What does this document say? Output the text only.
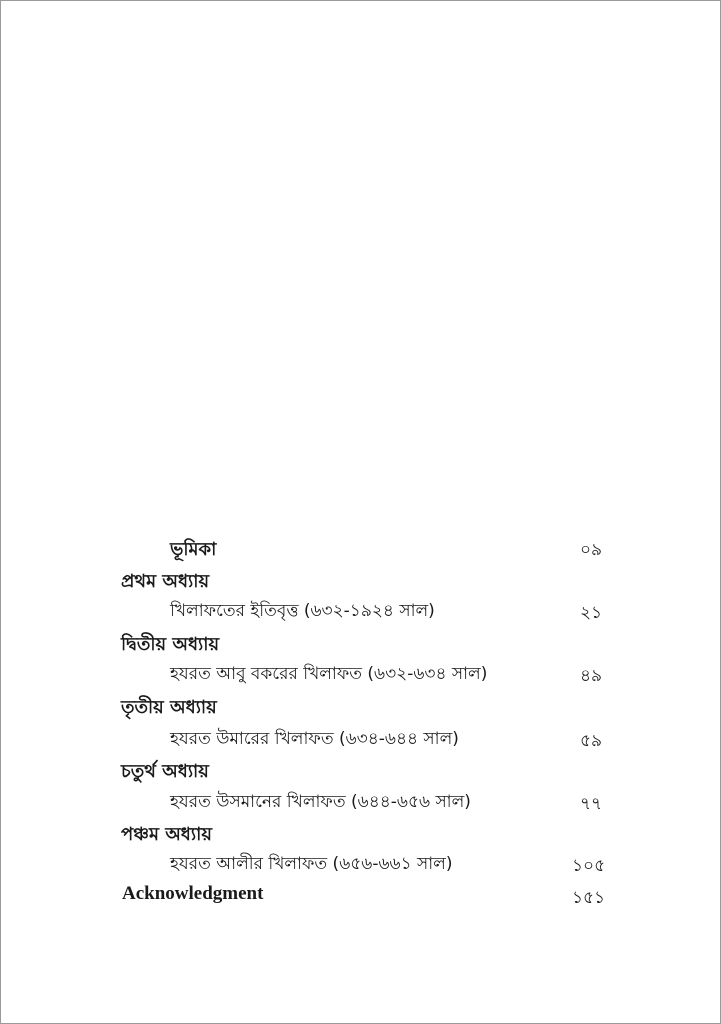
ভূমিকা	০৯
প্রথম অধ্যায়
খিলাফতের ইতিবৃত্ত (৬৩২-১৯২৪ সাল)	২১
দ্বিতীয় অধ্যায়
হযরত আবু বকরের খিলাফত (৬৩২-৬৩৪ সাল)	৪৯
তৃতীয় অধ্যায়
হযরত উমারের খিলাফত (৬৩৪-৬৪৪ সাল)	৫৯
চতুর্থ অধ্যায়
হযরত উসমানের খিলাফত (৬৪৪-৬৫৬ সাল)	৭৭
পঞ্চম অধ্যায়
হযরত আলীর খিলাফত (৬৫৬-৬৬১ সাল)	১০৫
Acknowledgment	১৫১
